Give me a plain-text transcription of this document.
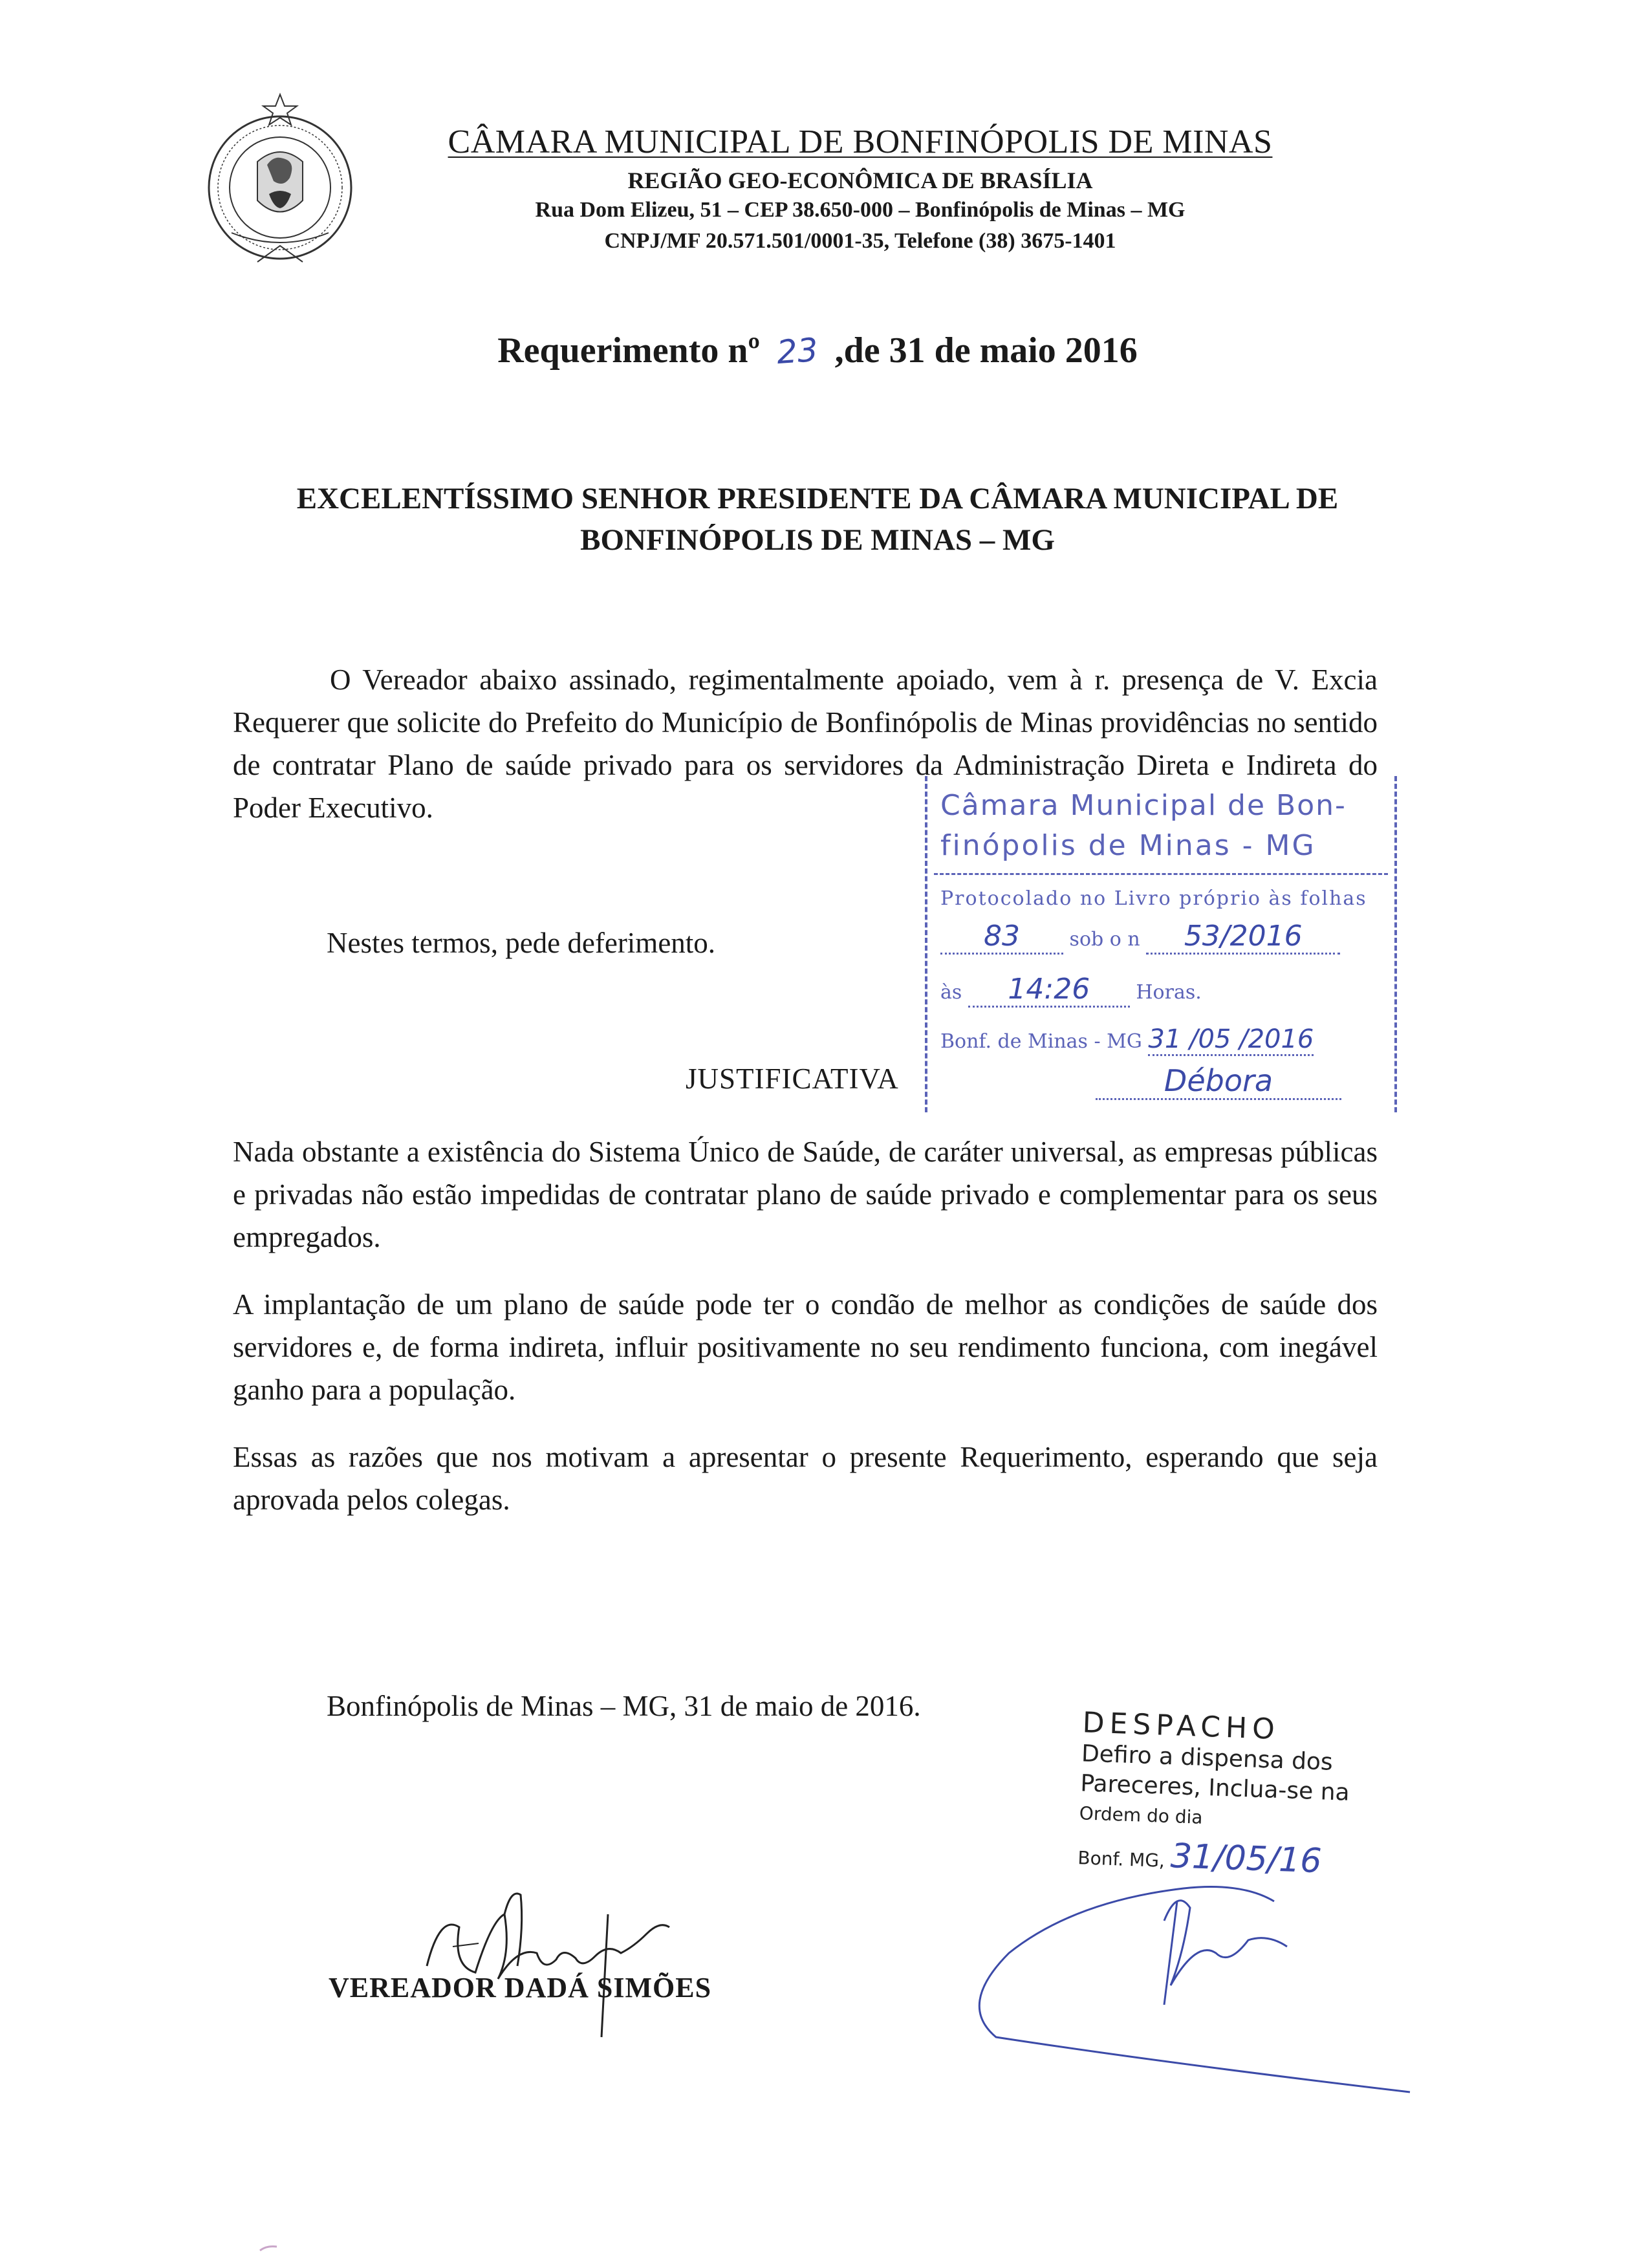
CÂMARA MUNICIPAL DE BONFINÓPOLIS DE MINAS
REGIÃO GEO-ECONÔMICA DE BRASÍLIA
Rua Dom Elizeu, 51 – CEP 38.650-000 – Bonfinópolis de Minas – MG
CNPJ/MF 20.571.501/0001-35, Telefone (38) 3675-1401
Requerimento nº 23 ,de 31 de maio 2016
EXCELENTÍSSIMO SENHOR PRESIDENTE DA CÂMARA MUNICIPAL DE
BONFINÓPOLIS DE MINAS – MG
O Vereador abaixo assinado, regimentalmente apoiado, vem à r. presença de V. Excia Requerer que solicite do Prefeito do Município de Bonfinópolis de Minas providências no sentido de contratar Plano de saúde privado para os servidores da Administração Direta e Indireta do Poder Executivo.
Nestes termos, pede deferimento.
JUSTIFICATIVA
Nada obstante a existência do Sistema Único de Saúde, de caráter universal, as empresas públicas e privadas não estão impedidas de contratar plano de saúde privado e complementar para os seus empregados.
A implantação de um plano de saúde pode ter o condão de melhor as condições de saúde dos servidores e, de forma indireta, influir positivamente no seu rendimento funciona, com inegável ganho para a população.
Essas as razões que nos motivam a apresentar o presente Requerimento, esperando que seja aprovada pelos colegas.
Bonfinópolis de Minas – MG, 31 de maio de 2016.
VEREADOR DADÁ SIMÕES
Câmara Municipal de Bon-
finópolis de Minas - MG
Protocolado no Livro próprio às folhas
83	sob o n 53/2016
às 14:26 Horas.
Bonf. de Minas - MG 31 /05 /2016
Débora
DESPACHO
Defiro a dispensa dos
Pareceres, Inclua-se na
Ordem do dia
Bonf. MG, 31/05/16
